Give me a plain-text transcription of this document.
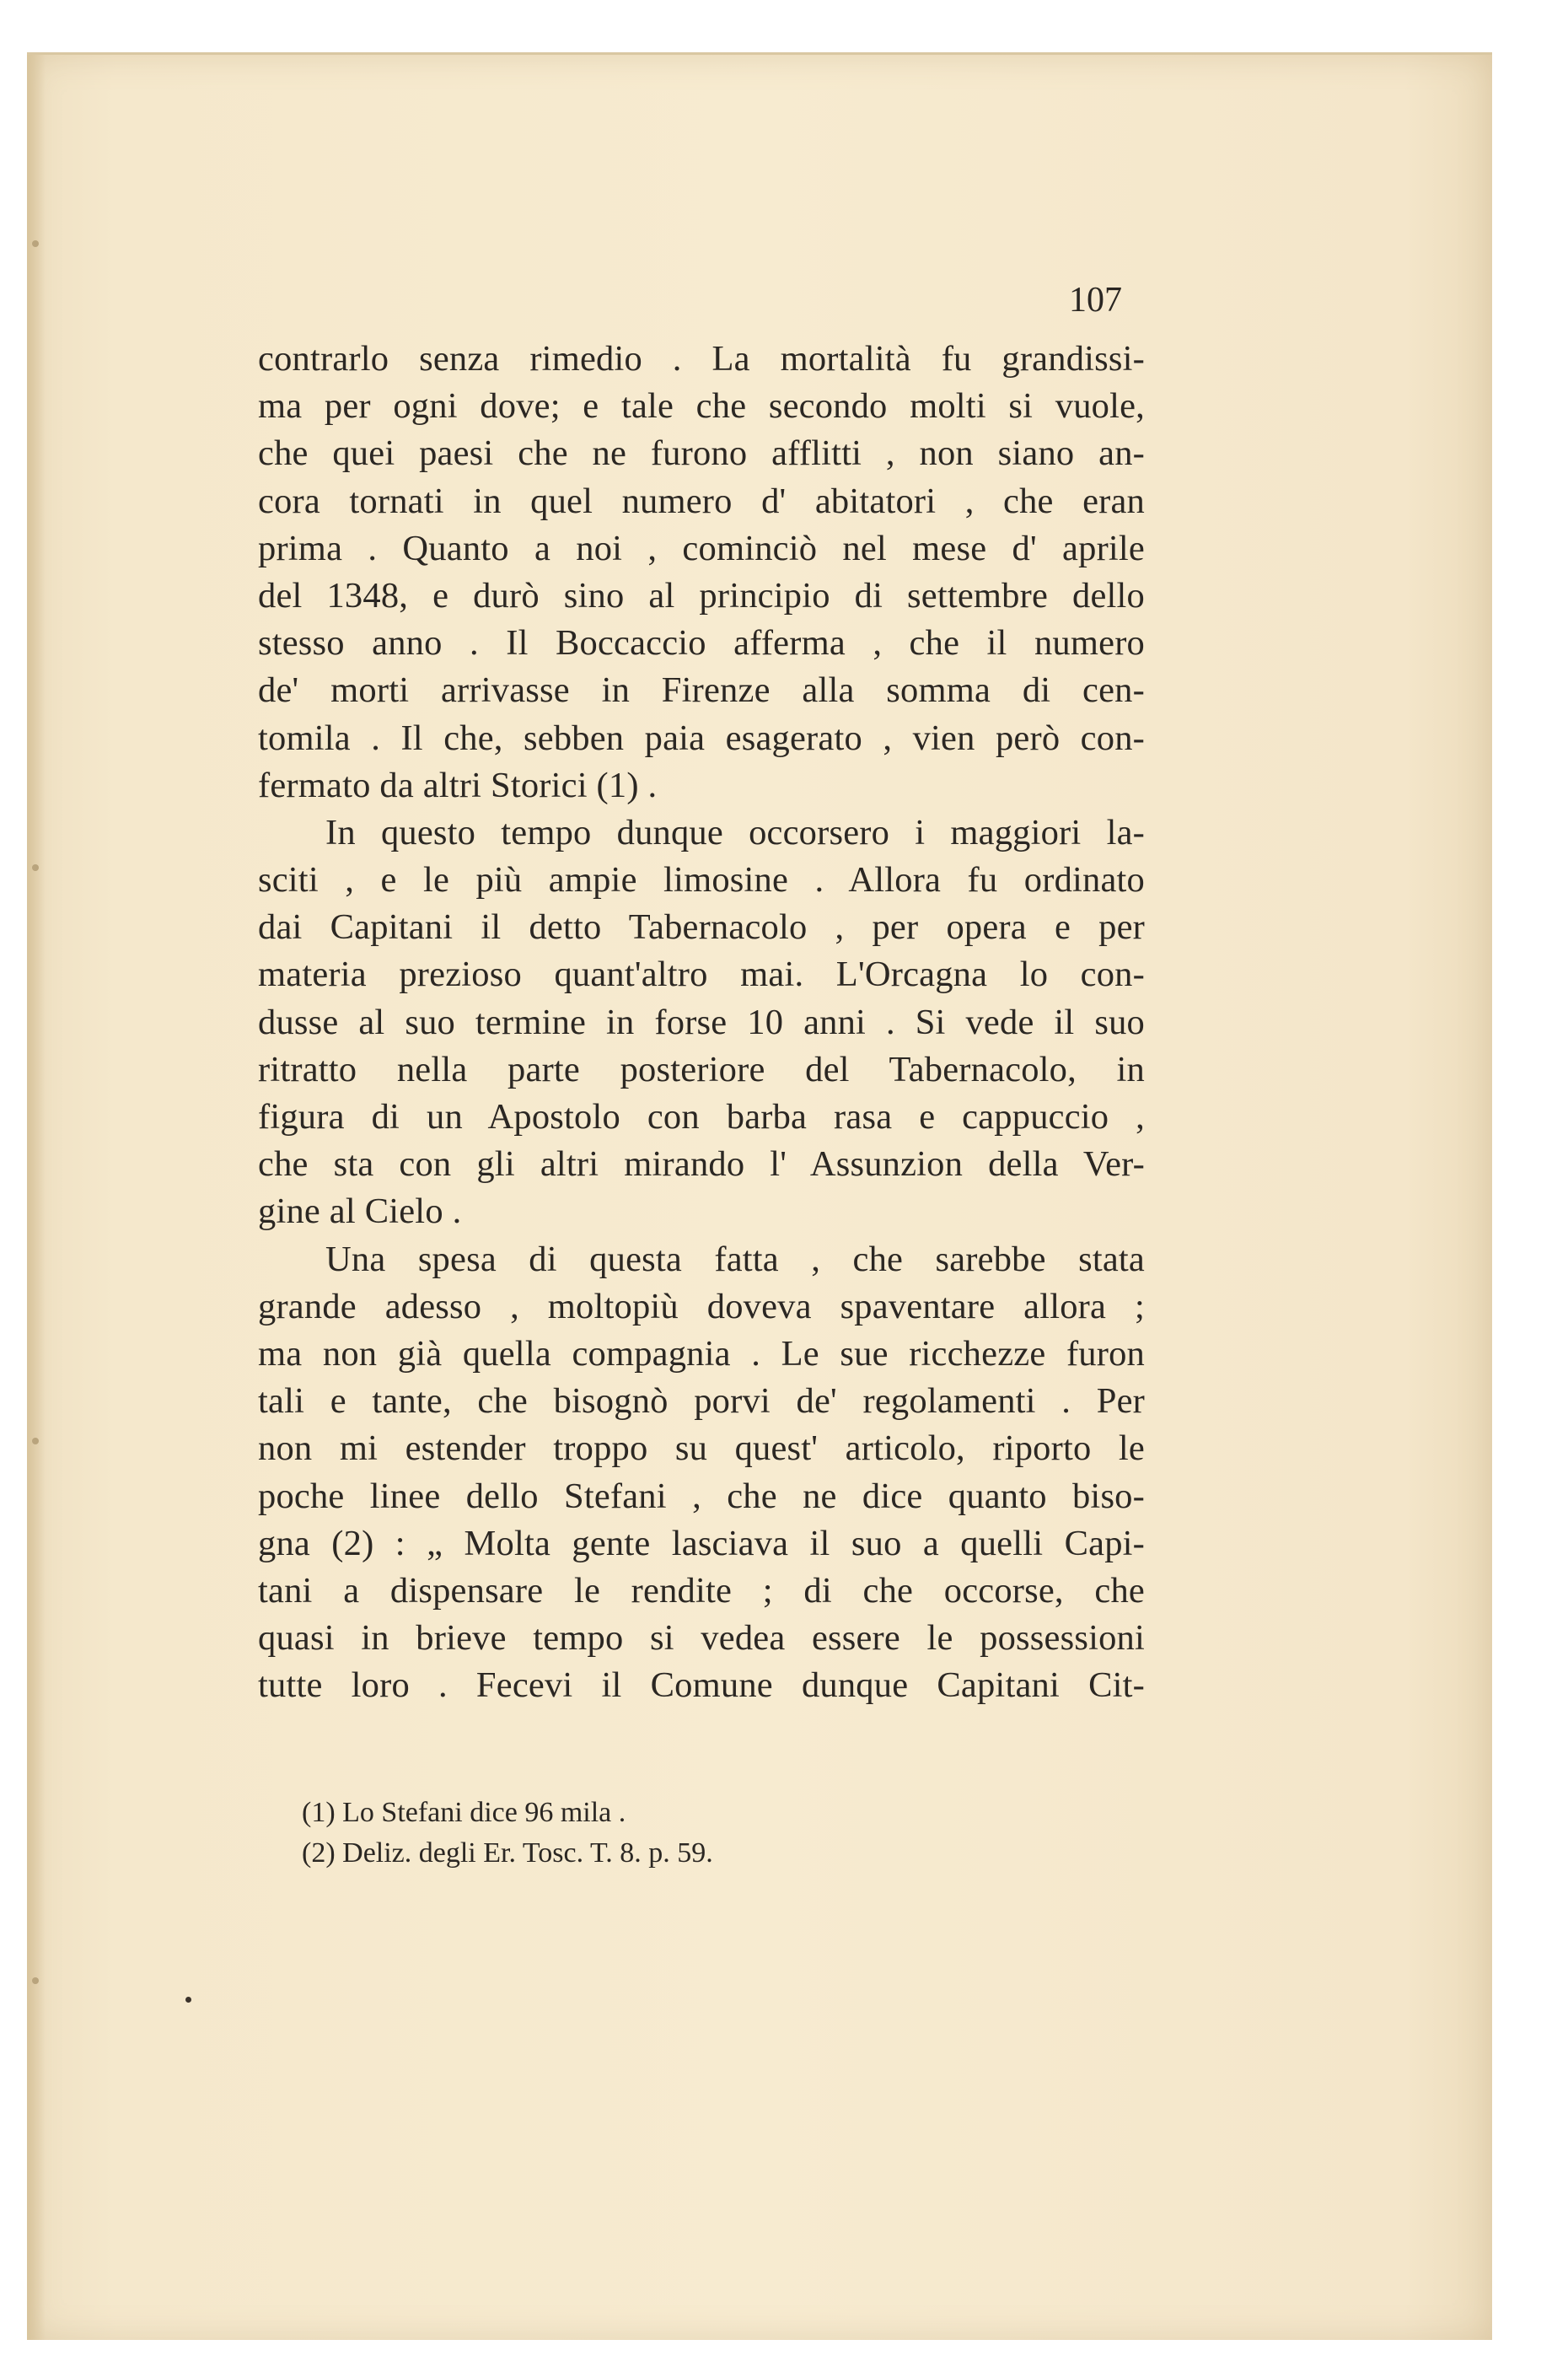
107
contrarlo senza rimedio . La mortalità fu grandissi-
ma per ogni dove; e tale che secondo molti si vuole,
che quei paesi che ne furono afflitti , non siano an-
cora tornati in quel numero d' abitatori , che eran
prima . Quanto a noi , cominciò nel mese d' aprile
del 1348, e durò sino al principio di settembre dello
stesso anno . Il Boccaccio afferma , che il numero
de' morti arrivasse in Firenze alla somma di cen-
tomila . Il che, sebben paia esagerato , vien però con-
fermato da altri Storici (1) .
In questo tempo dunque occorsero i maggiori la-
sciti , e le più ampie limosine . Allora fu ordinato
dai Capitani il detto Tabernacolo , per opera e per
materia prezioso quant'altro mai. L'Orcagna lo con-
dusse al suo termine in forse 10 anni . Si vede il suo
ritratto nella parte posteriore del Tabernacolo, in
figura di un Apostolo con barba rasa e cappuccio ,
che sta con gli altri mirando l' Assunzion della Ver-
gine al Cielo .
Una spesa di questa fatta , che sarebbe stata
grande adesso , moltopiù doveva spaventare allora ;
ma non già quella compagnia . Le sue ricchezze furon
tali e tante, che bisognò porvi de' regolamenti . Per
non mi estender troppo su quest' articolo, riporto le
poche linee dello Stefani , che ne dice quanto biso-
gna (2) : „ Molta gente lasciava il suo a quelli Capi-
tani a dispensare le rendite ; di che occorse, che
quasi in brieve tempo si vedea essere le possessioni
tutte loro . Fecevi il Comune dunque Capitani Cit-
(1) Lo Stefani dice 96 mila .
(2) Deliz. degli Er. Tosc. T. 8. p. 59.
